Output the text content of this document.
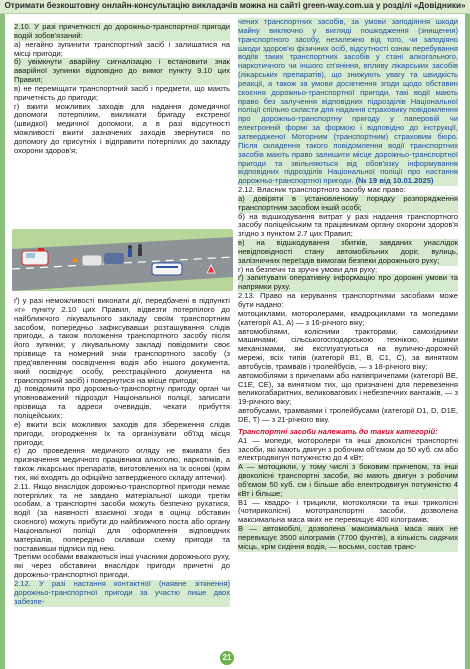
Отримати безкоштовну онлайн-консультацію викладачів можна на сайті green-way.com.ua у розділі «Довідники»

2.10. У разі причетності до дорожньо-транспортної пригоди водій зобов'язаний:

а) негайно зупинити транспортний засіб і залишатися на місці пригоди;

б) увімкнути аварійну сигналізацію і встановити знак аварійної зупинки відповідно до вимог пункту 9.10 цих Правил;

в) не переміщати транспортний засіб і предмети, що мають причетність до пригоди;

г) вжити можливих заходів для надання домедичної допомоги потерпілим, викликати бригаду екстреної (швидкої) медичної допомоги, а в разі відсутності можливості вжити зазначених заходів звернутися по допомогу до присутніх і відправити потерпілих до закладу охорони здоров'я;

ґ) у разі неможливості виконати дії, передбачені в підпункті «г» пункту 2.10 цих Правил, відвезти потерпілого до найближчого лікувального закладу своїм транспортним засобом, попередньо зафіксувавши розташування слідів пригоди, а також положення транспортного засобу після його зупинки; у лікувальному закладі повідомити своє прізвище та номерний знак транспортного засобу (з пред'явленням посвідчення водія або іншого документа, який посвідчує особу, реєстраційного документа на транспортний засіб) і повернутися на місце пригоди;

д) повідомити про дорожньо-транспортну пригоду орган чи уповноважений підрозділ Національної поліції, записати прізвища та адреси очевидців, чекати прибуття поліцейських;

е) вжити всіх можливих заходів для збереження слідів пригоди, огородження їх та організувати об'їзд місця пригоди;

є) до проведення медичного огляду не вживати без призначення медичного працівника алкоголю, наркотиків, а також лікарських препаратів, виготовлених на їх основі (крім тих, які входять до офіційно затвердженого складу аптечки).

2.11. Якщо внаслідок дорожньо-транспортної пригоди немає потерпілих та не завдано матеріальної шкоди третім особам, а транспортні засоби можуть безпечно рухатися, водії (за наявності взаємної згоди в оцінці обставин скоєного) можуть прибути до найближчого поста або органу Національної поліції для оформлення відповідних матеріалів, попередньо склавши схему пригоди та поставивши підписи під нею.

Третіми особами вважаються інші учасники дорожнього руху, які через обставини внаслідок пригоди причетні до дорожньо-транспортної пригоди.

2.12. У разі настання контактної (наявне зіткнення) дорожньо-транспортної пригоди за участю лише двох забезпе-

чених транспортних засобів, за умови заподіяння шкоди майну виключно у вигляді пошкодження (знищення) транспортного засобу, незалежно від того, чи заподіяно шкоди здоров'ю фізичних осіб, відсутності ознак перебування водіїв таких транспортних засобів у стані алкогольного, наркотичного чи іншого сп'яніння, впливу лікарських засобів (лікарських препаратів), що знижують увагу та швидкість реакції, а також за умови досягнення згоди щодо обставин скоєння дорожньо-транспортної пригоди, такі водії мають право без залучення відповідних підрозділів Національної поліції спільно скласти для надання страховику повідомлення про дорожньо-транспортну пригоду у паперовій чи електронній формі за формою і відповідно до інструкції, затвердженої Моторним (транспортним) страховим бюро. Після складення такого повідомлення водії транспортних засобів мають право залишити місце дорожньо-транспортної пригоди та звільняються від обов'язку інформування відповідних підрозділів Національної поліції про настання дорожньо-транспортної пригоди. (№ 19 від 10.01.2025)

2.12. Власник транспортного засобу має право:

а) довіряти в установленому порядку розпорядження транспортним засобом іншій особі;

б) на відшкодування витрат у разі надання транспортного засобу поліцейським та працівникам органу охорони здоров'я згідно з пунктом 2.7 цих Правил;

в) на відшкодування збитків, завданих унаслідок невідповідності стану автомобільних доріг, вулиць, залізничних переїздів вимогам безпеки дорожнього руху;

г) на безпечні та зручні умови для руху;

ґ) запитувати оперативну інформацію про дорожні умови та напрямки руху.

2.13. Право на керування транспортними засобами може бути надано:

мотоциклами, моторолерами, квадроциклами та мопедами (категорії А1, А) — з 16-річного віку;

автомобілями, колісними тракторами, самохідними машинами, сільськогосподарською технікою, іншими механізмами, які експлуатуються на вулично-дорожній мережі, всіх типів (категорії В1, В, С1, С), за винятком автобусів, трамваїв і тролейбусів, — з 18-річного віку;

автомобілями з причепами або напівпричепами (категорії ВЕ, С1Е, СЕ), за винятком тих, що призначені для перевезення великогабаритних, великовагових і небезпечних вантажів, — з 19-річного віку;

автобусами, трамваями і тролейбусами (категорії D1, D, D1E, DE, T) — з 21-річного віку.

Транспортні засоби належать до таких категорій:

А1 — мопеди, моторолери та інші двоколісні транспортні засоби, які мають двигун з робочим об'ємом до 50 куб. см або електродвигун потужністю до 4 кВт;

А — мотоцикли, у тому числі з боковим причепом, та інші двоколісні транспортні засоби, які мають двигун з робочим об'ємом 50 куб. см і більше або електродвигун потужністю 4 кВт і більше;

В1 — квадро- і трицикли, мотоколяски та інші триколісні (чотириколісні) мототранспортні засоби, дозволена максимальна маса яких не перевищує 400 кілограмів;

В — автомобілі, дозволена максимальна маса яких не перевищує 3500 кілограмів (7700 фунтів), а кількість сидячих місць, крім сидіння водія, — восьми, состав транс-

21
